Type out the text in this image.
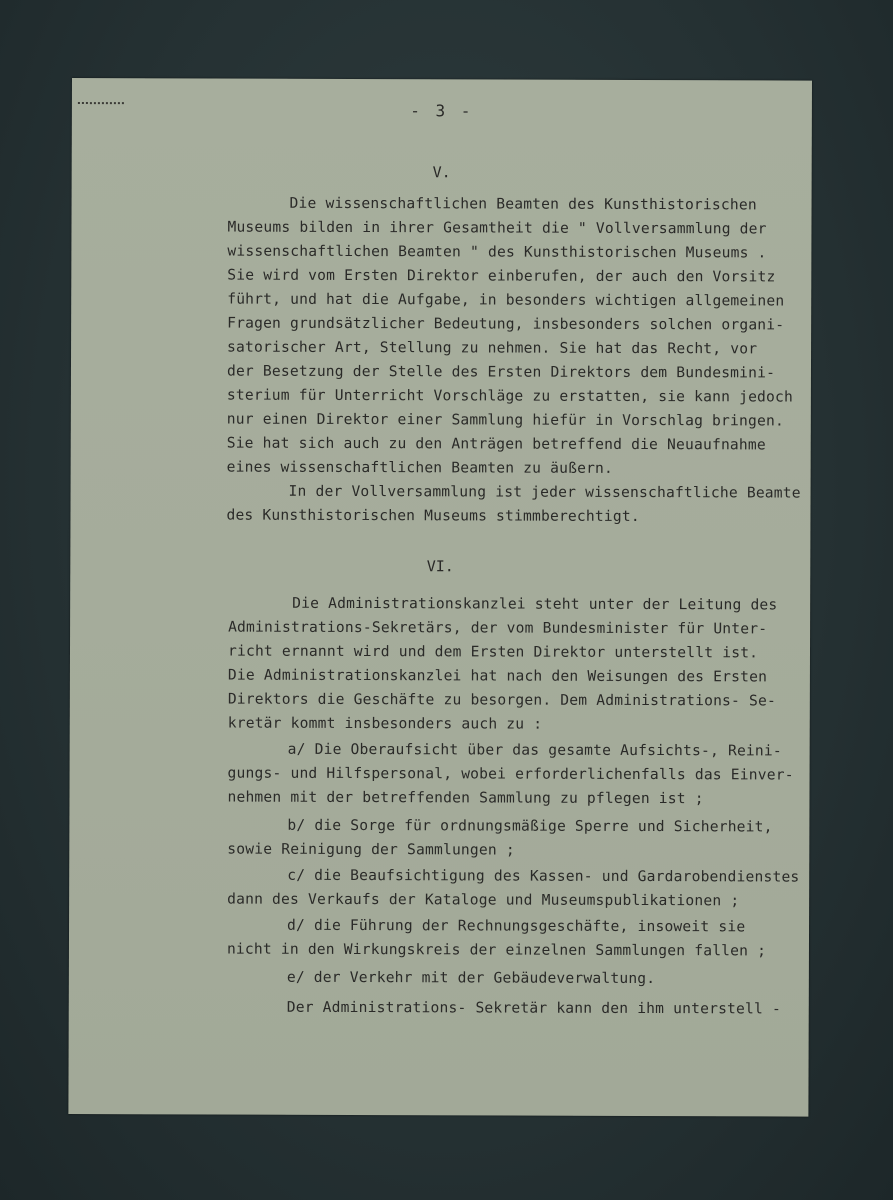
- 3 -
V.
Die wissenschaftlichen Beamten des Kunsthistorischen
Museums bilden in ihrer Gesamtheit die " Vollversammlung der
wissenschaftlichen Beamten " des Kunsthistorischen Museums .
Sie wird vom Ersten Direktor einberufen, der auch den Vorsitz
führt, und hat die Aufgabe, in besonders wichtigen allgemeinen
Fragen grundsätzlicher Bedeutung, insbesonders solchen organi-
satorischer Art, Stellung zu nehmen. Sie hat das Recht, vor
der Besetzung der Stelle des Ersten Direktors dem Bundesmini-
sterium für Unterricht Vorschläge zu erstatten, sie kann jedoch
nur einen Direktor einer Sammlung hiefür in Vorschlag bringen.
Sie hat sich auch zu den Anträgen betreffend die Neuaufnahme
eines wissenschaftlichen Beamten zu äußern.
In der Vollversammlung ist jeder wissenschaftliche Beamte
des Kunsthistorischen Museums stimmberechtigt.
VI.
Die Administrationskanzlei steht unter der Leitung des
Administrations-Sekretärs, der vom Bundesminister für Unter-
richt ernannt wird und dem Ersten Direktor unterstellt ist.
Die Administrationskanzlei hat nach den Weisungen des Ersten
Direktors die Geschäfte zu besorgen. Dem Administrations- Se-
kretär kommt insbesonders auch zu :
a/ Die Oberaufsicht über das gesamte Aufsichts-, Reini-
gungs- und Hilfspersonal, wobei erforderlichenfalls das Einver-
nehmen mit der betreffenden Sammlung zu pflegen ist ;
b/ die Sorge für ordnungsmäßige Sperre und Sicherheit,
sowie Reinigung der Sammlungen ;
c/ die Beaufsichtigung des Kassen- und Gardarobendienstes
dann des Verkaufs der Kataloge und Museumspublikationen ;
d/ die Führung der Rechnungsgeschäfte, insoweit sie
nicht in den Wirkungskreis der einzelnen Sammlungen fallen ;
e/ der Verkehr mit der Gebäudeverwaltung.
Der Administrations- Sekretär kann den ihm unterstell -
